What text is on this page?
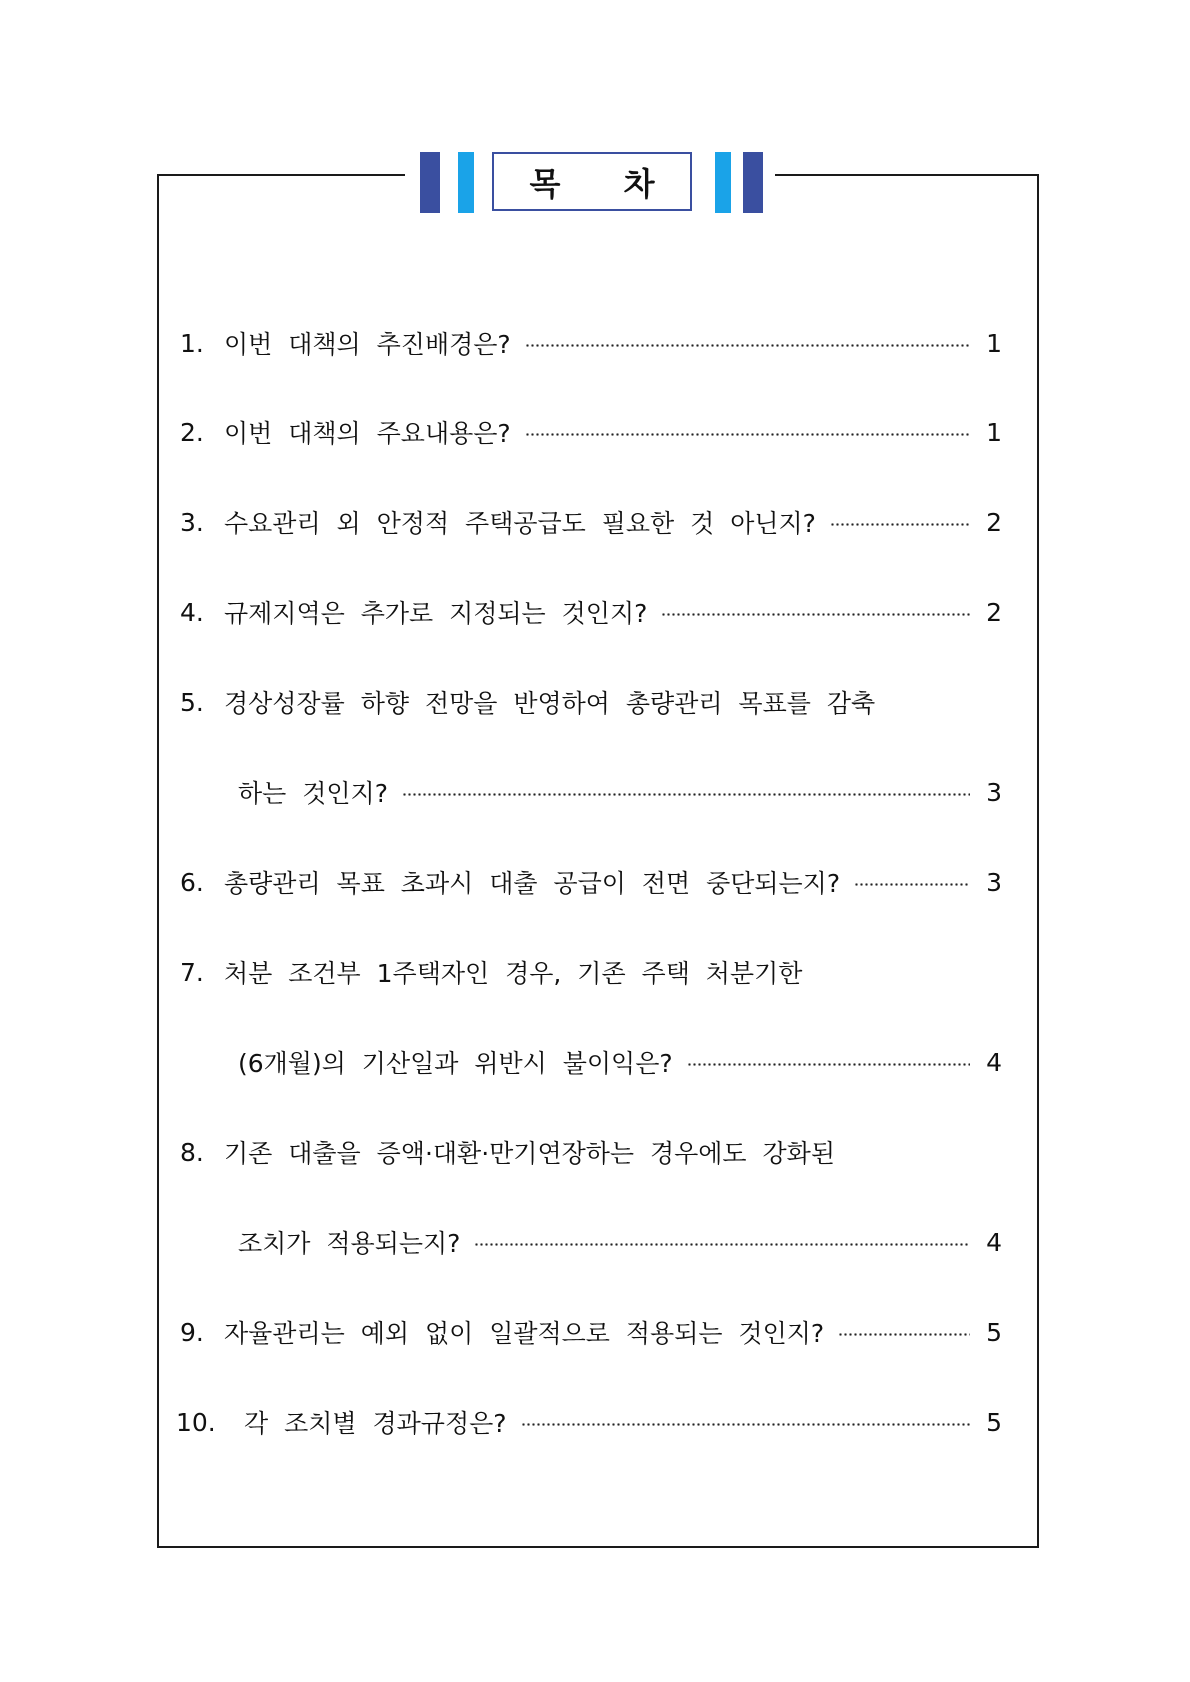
목 차
1. 이번 대책의 추진배경은?	1
2. 이번 대책의 주요내용은?	1
3. 수요관리 외 안정적 주택공급도 필요한 것 아닌지?	2
4. 규제지역은 추가로 지정되는 것인지?	2
5. 경상성장률 하향 전망을 반영하여 총량관리 목표를 감축
하는 것인지?	3
6. 총량관리 목표 초과시 대출 공급이 전면 중단되는지?	3
7. 처분 조건부 1주택자인 경우, 기존 주택 처분기한
(6개월)의 기산일과 위반시 불이익은?	4
8. 기존 대출을 증액·대환·만기연장하는 경우에도 강화된
조치가 적용되는지?	4
9. 자율관리는 예외 없이 일괄적으로 적용되는 것인지?	5
10.	각 조치별 경과규정은?	5
